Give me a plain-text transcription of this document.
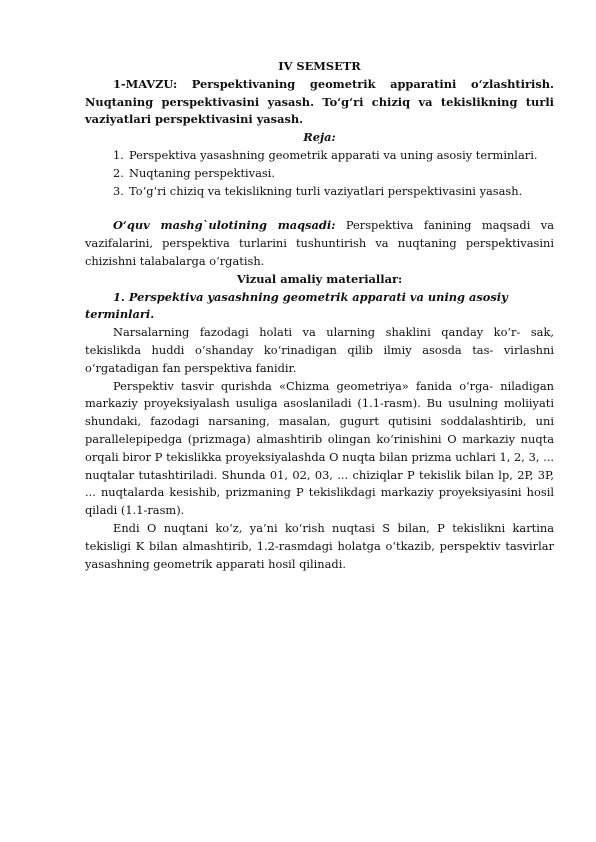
IV SEMSETR

1-MAVZU: Perspektivaning geometrik apparatini o‘zlashtirish.

Nuqtaning perspektivasini yasash. To‘g‘ri chiziq va tekislikning turli

vaziyatlari perspektivasini yasash.

Reja:

1. Perspektiva yasashning geometrik apparati va uning asosiy terminlari.
2. Nuqtaning perspektivasi.
3. To‘g‘ri chiziq va tekislikning turli vaziyatlari perspektivasini yasash.

O‘quv mashg`ulotining maqsadi: Perspektiva fanining maqsadi va vazifalarini, perspektiva turlarini tushuntirish va nuqtaning perspektivasini chizishni talabalarga o‘rgatish.

Vizual amaliy materiallar:

1. Perspektiva yasashning geometrik apparati va uning asosiy

terminlari.

Narsalarning fazodagi holati va ularning shaklini qanday ko‘r- sak, tekislikda huddi o‘shanday ko‘rinadigan qilib ilmiy asosda tas- virlashni o‘rgatadigan fan perspektiva fanidir.

Perspektiv tasvir qurishda «Chizma geometriya» fanida o‘rga- niladigan markaziy proyeksiyalash usuliga asoslaniladi (1.1-rasm). Bu usulning moliiyati shundaki, fazodagi narsaning, masalan, gugurt qutisini soddalashtirib, uni parallelepipedga (prizmaga) almashtirib olingan ko‘rinishini O markaziy nuqta orqali biror P tekislikka proyeksiyalashda O nuqta bilan prizma uchlari 1, 2, 3, ... nuqtalar tutashtiriladi. Shunda 01, 02, 03, ... chiziqlar P tekislik bilan lp, 2P, 3P, ... nuqtalarda kesishib, prizmaning P tekislikdagi markaziy proyeksiyasini hosil qiladi (1.1-rasm).

Endi O nuqtani ko‘z, ya’ni ko‘rish nuqtasi S bilan, P tekislikni kartina tekisligi K bilan almashtirib, 1.2-rasmdagi holatga o‘tkazib, perspektiv tasvirlar yasashning geometrik apparati hosil qilinadi.
